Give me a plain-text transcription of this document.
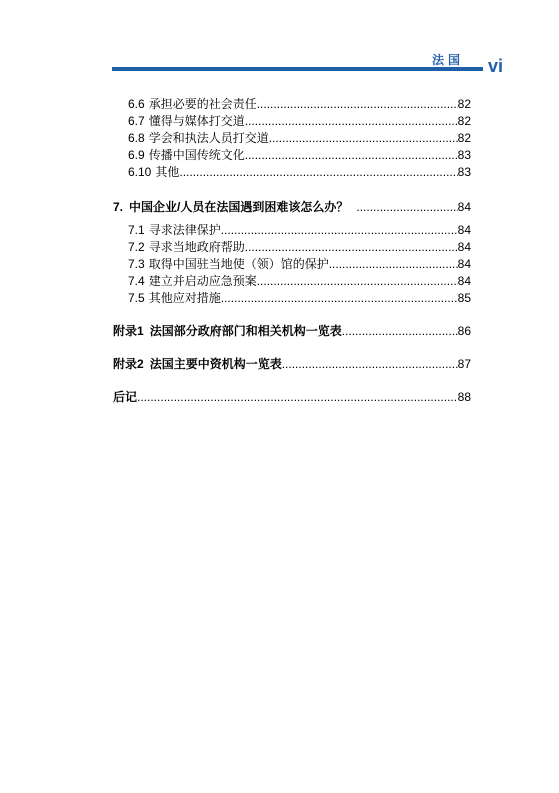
法国 vi
6.6 承担必要的社会责任 .....	82
6.7 懂得与媒体打交道 .....	82
6.8 学会和执法人员打交道 .....	82
6.9 传播中国传统文化 .....	83
6.10 其他 .....	83
7. 中国企业/人员在法国遇到困难该怎么办？ .....	84
7.1 寻求法律保护 .....	84
7.2 寻求当地政府帮助 .....	84
7.3 取得中国驻当地使（领）馆的保护 .....	84
7.4 建立并启动应急预案 .....	84
7.5 其他应对措施 .....	85
附录1 法国部分政府部门和相关机构一览表 .....	86
附录2 法国主要中资机构一览表 .....	87
后记 .....	88
